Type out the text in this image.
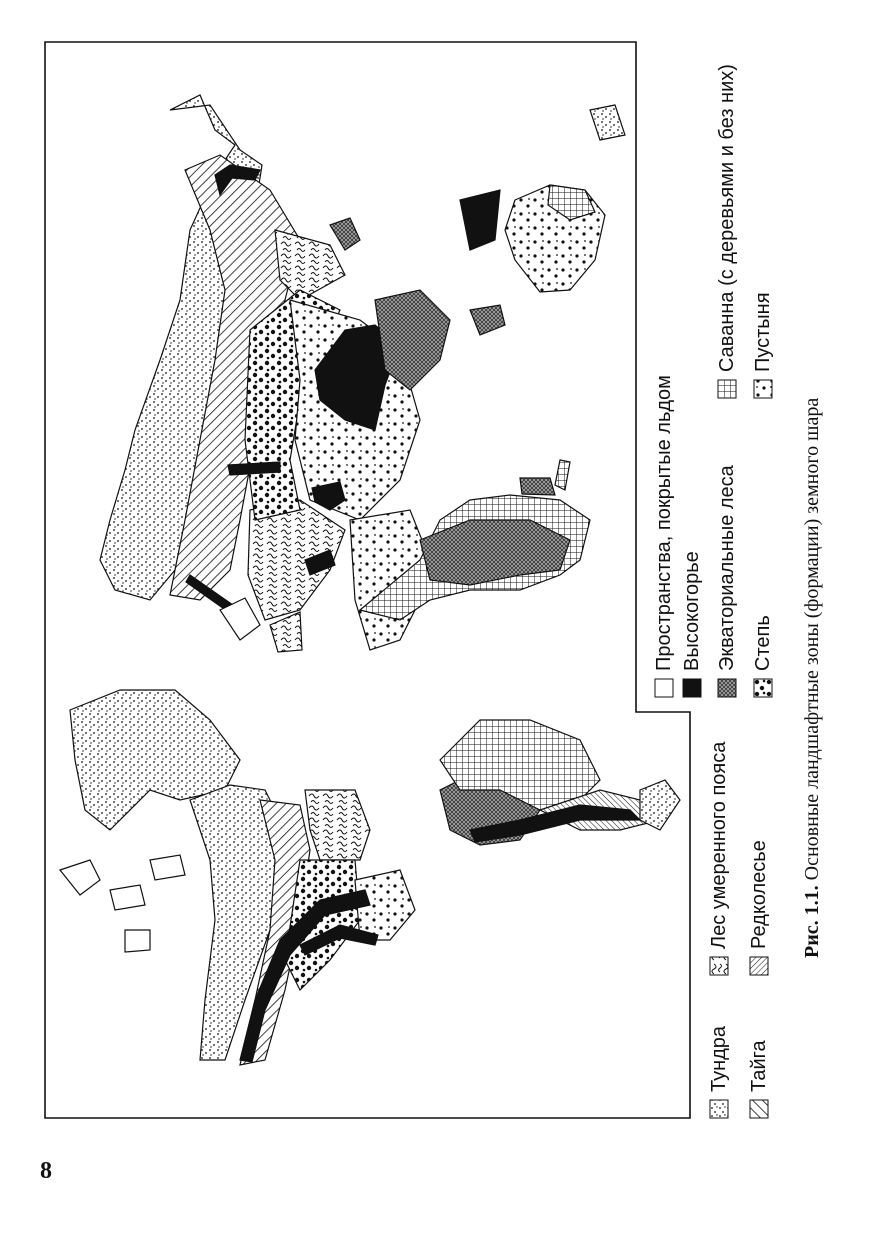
Тундра Тайга
Лес умеренного пояса Редколесье
Пространства, покрытые льдом Высокогорье Экваториальные леса Степь
Саванна (с деревьями и без них) Пустыня
Рис. 1.1. Основные ландшафтные зоны (формации) земного шара
8
